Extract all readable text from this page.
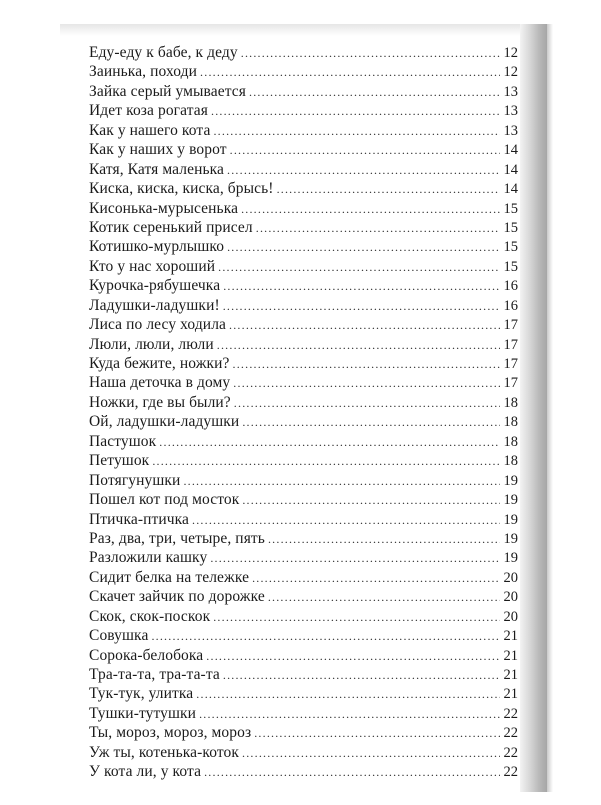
Еду-еду к бабе, к деду .....	12
Заинька, походи .....	12
Зайка серый умывается .....	13
Идет коза рогатая .....	13
Как у нашего кота .....	13
Как у наших у ворот .....	14
Катя, Катя маленька .....	14
Киска, киска, киска, брысь! .....	14
Кисонька-мурысенька .....	15
Котик серенький присел .....	15
Котишко-мурлышко .....	15
Кто у нас хороший .....	15
Курочка-рябушечка .....	16
Ладушки-ладушки! .....	16
Лиса по лесу ходила .....	17
Люли, люли, люли .....	17
Куда бежите, ножки? .....	17
Наша деточка в дому .....	17
Ножки, где вы были? .....	18
Ой, ладушки-ладушки .....	18
Пастушок .....	18
Петушок .....	18
Потягунушки .....	19
Пошел кот под мосток .....	19
Птичка-птичка .....	19
Раз, два, три, четыре, пять .....	19
Разложили кашку .....	19
Сидит белка на тележке .....	20
Скачет зайчик по дорожке .....	20
Скок, скок-поскок .....	20
Совушка .....	21
Сорока-белобока .....	21
Тра-та-та, тра-та-та .....	21
Тук-тук, улитка .....	21
Тушки-тутушки .....	22
Ты, мороз, мороз, мороз .....	22
Уж ты, котенька-коток .....	22
У кота ли, у кота .....	22
